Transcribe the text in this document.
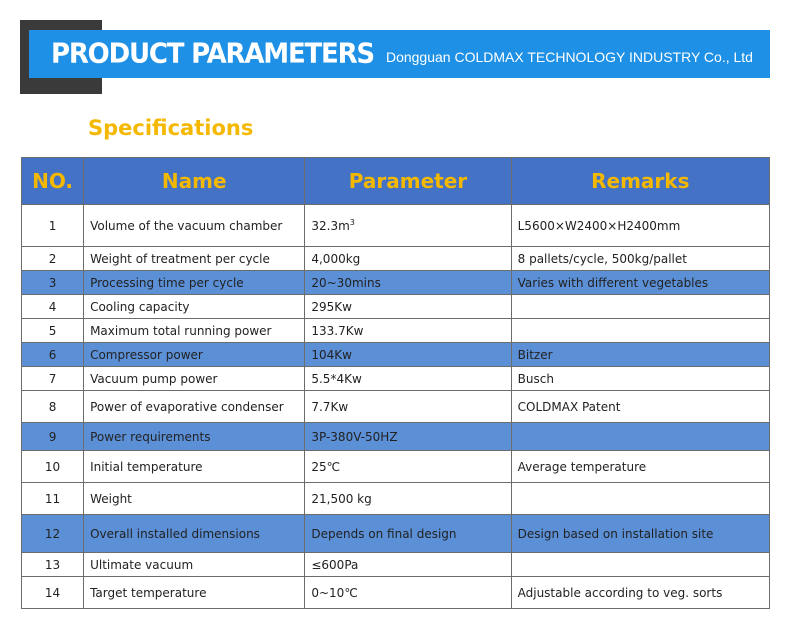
PRODUCT PARAMETERS Dongguan COLDMAX TECHNOLOGY INDUSTRY Co., Ltd
Specifications
NO.	Name	Parameter	Remarks
1	Volume of the vacuum chamber	$32.3m^3$	L5600×W2400×H2400mm
2	Weight of treatment per cycle	4,000kg	8 pallets/cycle, 500kg/pallet
3	Processing time per cycle	20~30mins	Varies with different vegetables
4	Cooling capacity	295Kw	
5	Maximum total running power	133.7Kw	
6	Compressor power	104Kw	Bitzer
7	Vacuum pump power	5.5*4Kw	Busch
8	Power of evaporative condenser	7.7Kw	COLDMAX Patent
9	Power requirements	3P-380V-50HZ	
10	Initial temperature	25℃	Average temperature
11	Weight	21,500 kg	
12	Overall installed dimensions	Depends on final design	Design based on installation site
13	Ultimate vacuum	≤600Pa	
14	Target temperature	0~10℃	Adjustable according to veg. sorts
